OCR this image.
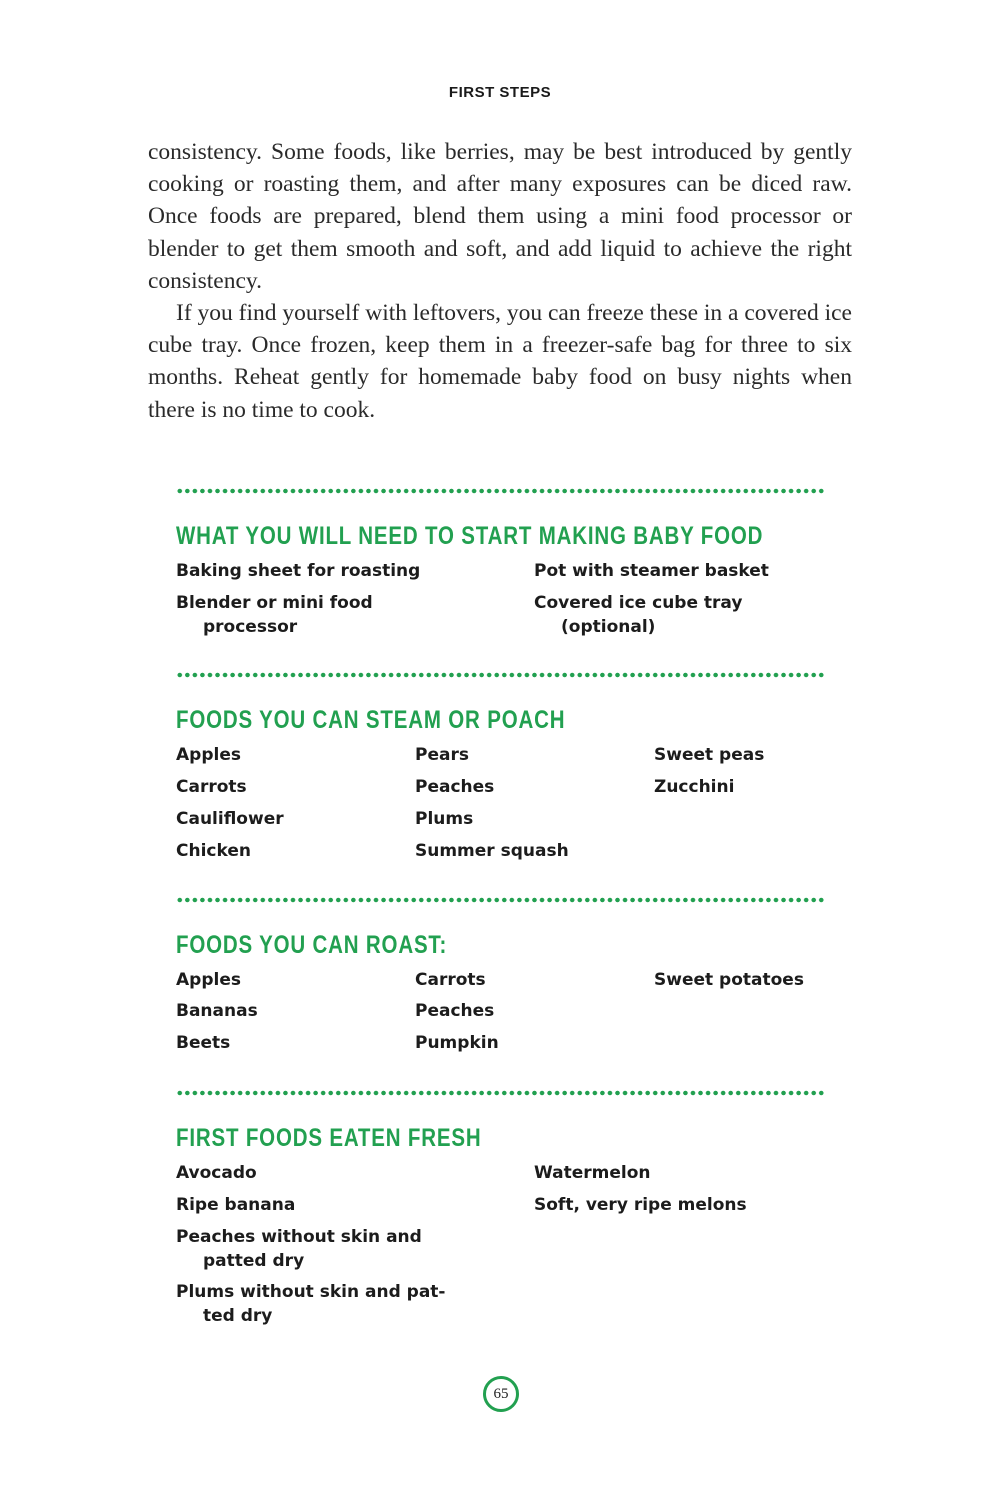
FIRST STEPS

consistency. Some foods, like berries, may be best introduced by gently cooking or roasting them, and after many exposures can be diced raw. Once foods are prepared, blend them using a mini food processor or blender to get them smooth and soft, and add liquid to achieve the right consistency.

If you find yourself with leftovers, you can freeze these in a covered ice cube tray. Once frozen, keep them in a freezer-safe bag for three to six months. Reheat gently for homemade baby food on busy nights when there is no time to cook.

WHAT YOU WILL NEED TO START MAKING BABY FOOD
Baking sheet for roasting
Blender or mini food
processor
Pot with steamer basket
Covered ice cube tray
(optional)
FOODS YOU CAN STEAM OR POACH
Apples
Carrots
Cauliflower
Chicken
Pears
Peaches
Plums
Summer squash
Sweet peas
Zucchini
FOODS YOU CAN ROAST:
Apples
Bananas
Beets
Carrots
Peaches
Pumpkin
Sweet potatoes
FIRST FOODS EATEN FRESH
Avocado
Ripe banana
Peaches without skin and
patted dry
Plums without skin and pat-
ted dry
Watermelon
Soft, very ripe melons
65
